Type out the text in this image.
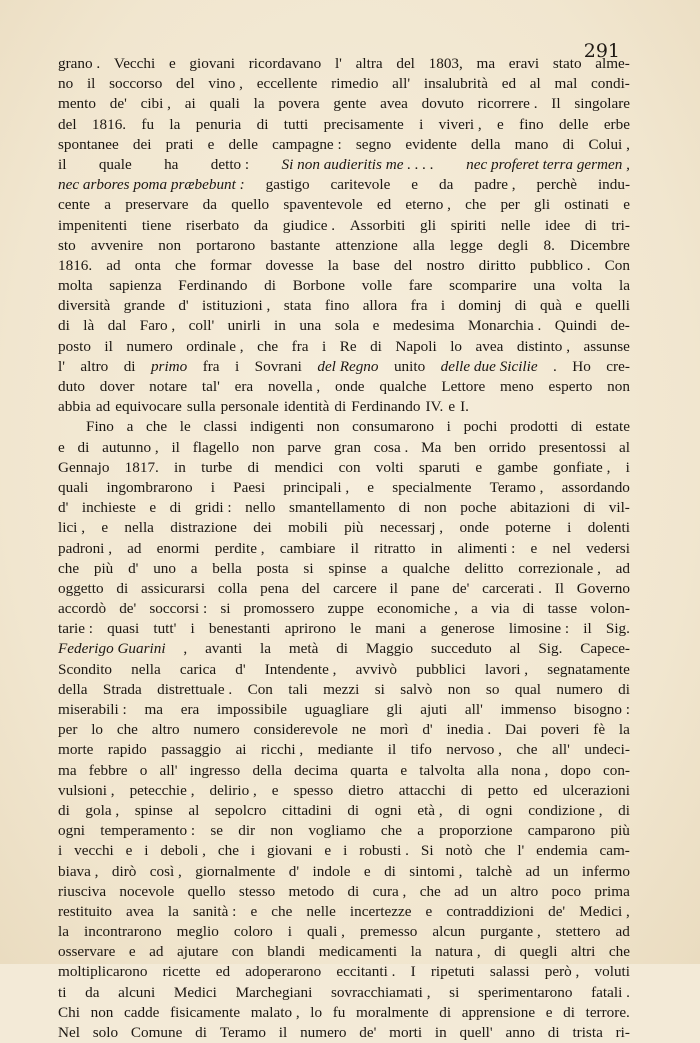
291
grano . Vecchi e giovani ricordavano l' altra del 1803, ma eravi stato alme-
no il soccorso del vino , eccellente rimedio all' insalubrità ed al mal condi-
mento de' cibi , ai quali la povera gente avea dovuto ricorrere . Il singolare
del 1816. fu la penuria di tutti precisamente i viveri , e fino delle erbe
spontanee dei prati e delle campagne : segno evidente della mano di Colui ,
il quale ha detto : Si non audieritis me . . . . nec proferet terra germen ,
nec arbores poma præbebunt : gastigo caritevole e da padre , perchè indu-
cente a preservare da quello spaventevole ed eterno , che per gli ostinati e
impenitenti tiene riserbato da giudice . Assorbiti gli spiriti nelle idee di tri-
sto avvenire non portarono bastante attenzione alla legge degli 8. Dicembre
1816. ad onta che formar dovesse la base del nostro diritto pubblico . Con
molta sapienza Ferdinando di Borbone volle fare scomparire una volta la
diversità grande d' istituzioni , stata fino allora fra i dominj di quà e quelli
di là dal Faro , coll' unirli in una sola e medesima Monarchia . Quindi de-
posto il numero ordinale , che fra i Re di Napoli lo avea distinto , assunse
l' altro di primo fra i Sovrani del Regno unito delle due Sicilie . Ho cre-
duto dover notare tal' era novella , onde qualche Lettore meno esperto non
abbia ad equivocare sulla personale identità di Ferdinando IV. e I.
Fino a che le classi indigenti non consumarono i pochi prodotti di estate
e di autunno , il flagello non parve gran cosa . Ma ben orrido presentossi al
Gennajo 1817. in turbe di mendici con volti sparuti e gambe gonfiate , i
quali ingombrarono i Paesi principali , e specialmente Teramo , assordando
d' inchieste e di gridi : nello smantellamento di non poche abitazioni di vil-
lici , e nella distrazione dei mobili più necessarj , onde poterne i dolenti
padroni , ad enormi perdite , cambiare il ritratto in alimenti : e nel vedersi
che più d' uno a bella posta si spinse a qualche delitto correzionale , ad
oggetto di assicurarsi colla pena del carcere il pane de' carcerati . Il Governo
accordò de' soccorsi : si promossero zuppe economiche , a via di tasse volon-
tarie : quasi tutt' i benestanti aprirono le mani a generose limosine : il Sig.
Federigo Guarini , avanti la metà di Maggio succeduto al Sig. Capece-
Scondito nella carica d' Intendente , avvivò pubblici lavori , segnatamente
della Strada distrettuale . Con tali mezzi si salvò non so qual numero di
miserabili : ma era impossibile uguagliare gli ajuti all' immenso bisogno :
per lo che altro numero considerevole ne morì d' inedia . Dai poveri fè la
morte rapido passaggio ai ricchi , mediante il tifo nervoso , che all' undeci-
ma febbre o all' ingresso della decima quarta e talvolta alla nona , dopo con-
vulsioni , petecchie , delirio , e spesso dietro attacchi di petto ed ulcerazioni
di gola , spinse al sepolcro cittadini di ogni età , di ogni condizione , di
ogni temperamento : se dir non vogliamo che a proporzione camparono più
i vecchi e i deboli , che i giovani e i robusti . Si notò che l' endemia cam-
biava , dirò così , giornalmente d' indole e di sintomi , talchè ad un infermo
riusciva nocevole quello stesso metodo di cura , che ad un altro poco prima
restituito avea la sanità : e che nelle incertezze e contraddizioni de' Medici ,
la incontrarono meglio coloro i quali , premesso alcun purgante , stettero ad
osservare e ad ajutare con blandi medicamenti la natura , di quegli altri che
moltiplicarono ricette ed adoperarono eccitanti . I ripetuti salassi però , voluti
ti da alcuni Medici Marchegiani sovracchiamati , si sperimentarono fatali .
Chi non cadde fisicamente malato , lo fu moralmente di apprensione e di terrore.
Nel solo Comune di Teramo il numero de' morti in quell' anno di trista ri-
